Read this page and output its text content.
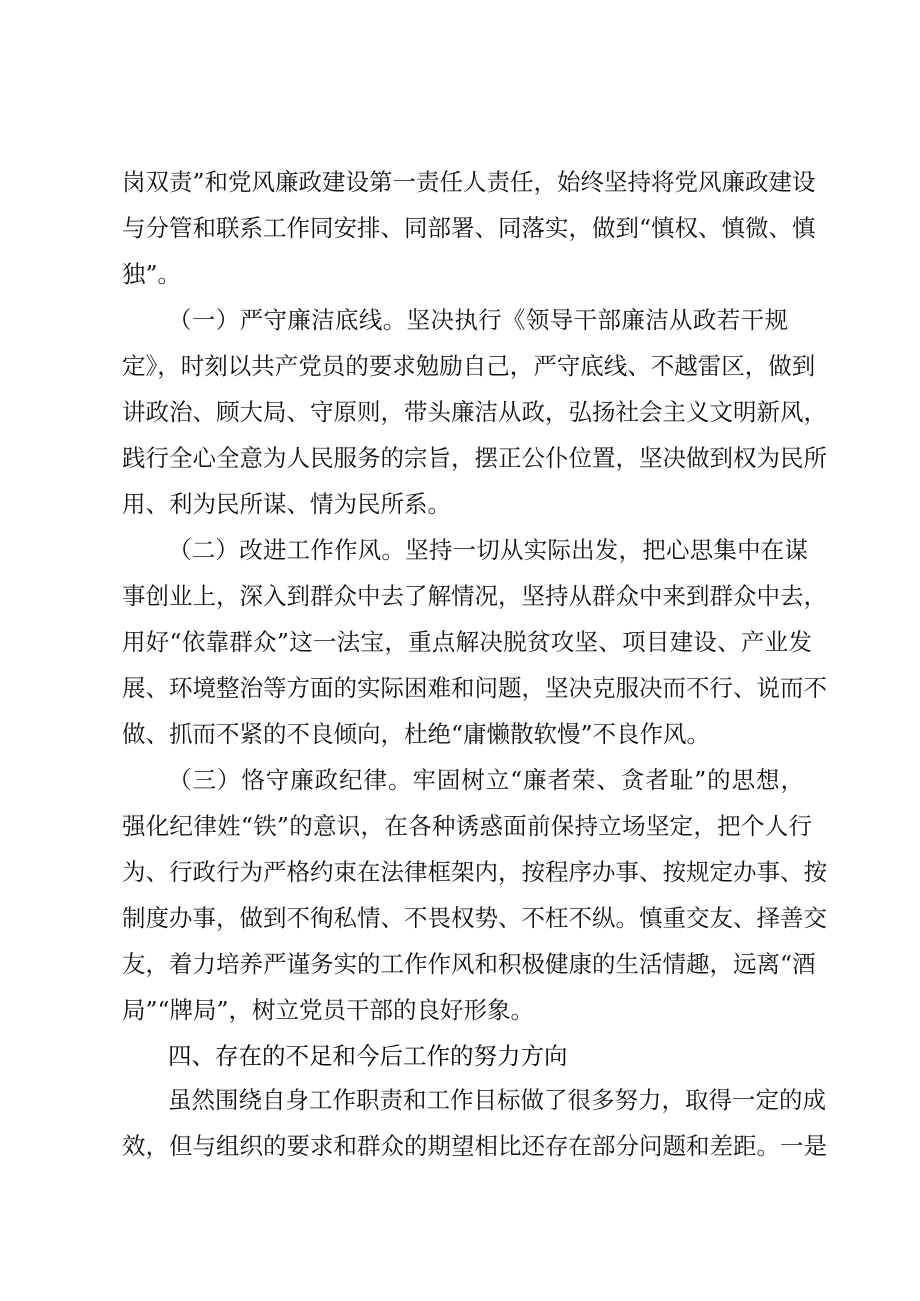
岗双责”和党风廉政建设第一责任人责任，始终坚持将党风廉政建设
与分管和联系工作同安排、同部署、同落实，做到“慎权、慎微、慎
独”。
（一）严守廉洁底线。坚决执行《领导干部廉洁从政若干规
定》，时刻以共产党员的要求勉励自己，严守底线、不越雷区，做到
讲政治、顾大局、守原则，带头廉洁从政，弘扬社会主义文明新风，
践行全心全意为人民服务的宗旨，摆正公仆位置，坚决做到权为民所
用、利为民所谋、情为民所系。
（二）改进工作作风。坚持一切从实际出发，把心思集中在谋
事创业上，深入到群众中去了解情况，坚持从群众中来到群众中去，
用好“依靠群众”这一法宝，重点解决脱贫攻坚、项目建设、产业发
展、环境整治等方面的实际困难和问题，坚决克服决而不行、说而不
做、抓而不紧的不良倾向，杜绝“庸懒散软慢”不良作风。
（三）恪守廉政纪律。牢固树立“廉者荣、贪者耻”的思想，
强化纪律姓“铁”的意识，在各种诱惑面前保持立场坚定，把个人行
为、行政行为严格约束在法律框架内，按程序办事、按规定办事、按
制度办事，做到不徇私情、不畏权势、不枉不纵。慎重交友、择善交
友，着力培养严谨务实的工作作风和积极健康的生活情趣，远离“酒
局”“牌局”，树立党员干部的良好形象。
四、存在的不足和今后工作的努力方向
虽然围绕自身工作职责和工作目标做了很多努力，取得一定的成
效，但与组织的要求和群众的期望相比还存在部分问题和差距。一是
